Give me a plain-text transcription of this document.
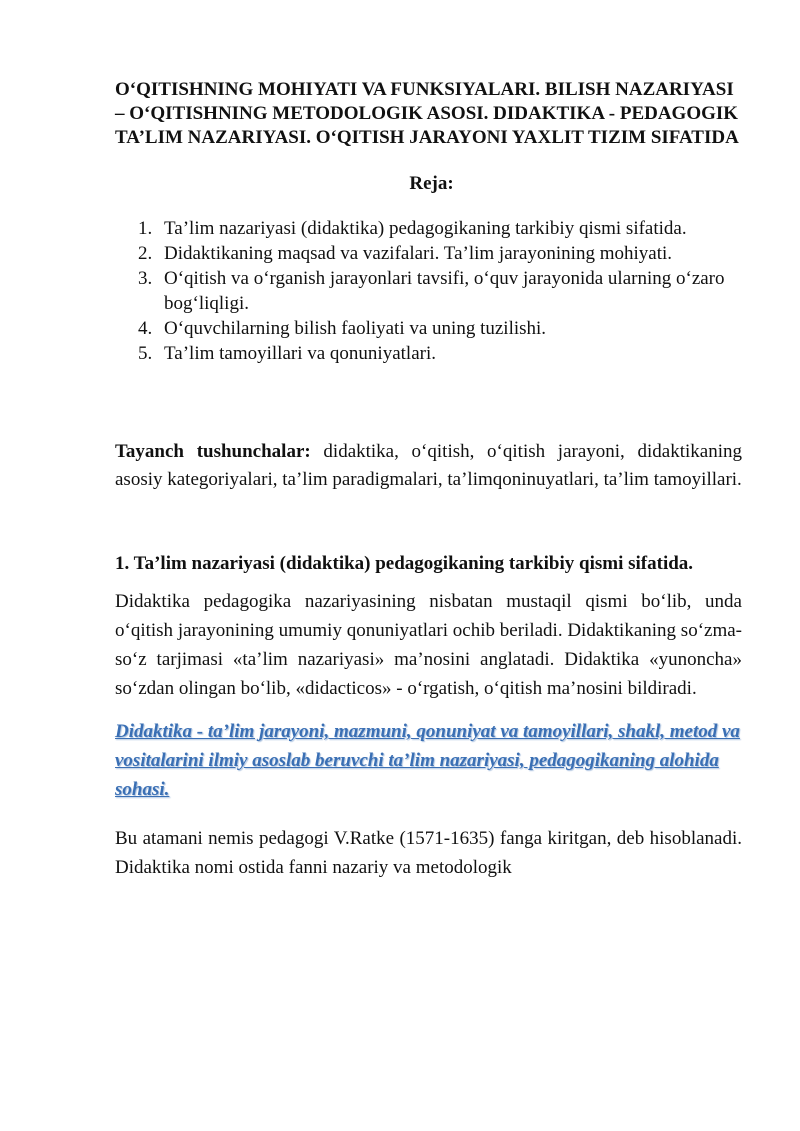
O‘QITISHNING MOHIYATI VA FUNKSIYALARI. BILISH NAZARIYASI – O‘QITISHNING METODOLOGIK ASOSI. DIDAKTIKA - PEDAGOGIK TA’LIM NAZARIYASI. O‘QITISH JARAYONI YAXLIT TIZIM SIFATIDA
Reja:
1. Ta’lim nazariyasi (didaktika) pedagogikaning tarkibiy qismi sifatida.
2. Didaktikaning maqsad va vazifalari. Ta’lim jarayonining mohiyati.
3. O‘qitish va o‘rganish jarayonlari tavsifi, o‘quv jarayonida ularning o‘zaro bog‘liqligi.
4. O‘quvchilarning bilish faoliyati va uning tuzilishi.
5. Ta’lim tamoyillari va qonuniyatlari.

Tayanch tushunchalar: didaktika, o‘qitish, o‘qitish jarayoni, didaktikaning asosiy kategoriyalari, ta’lim paradigmalari, ta’limqoninuyatlari, ta’lim tamoyillari.

1. Ta’lim nazariyasi (didaktika) pedagogikaning tarkibiy qismi sifatida.

Didaktika pedagogika nazariyasining nisbatan mustaqil qismi bo‘lib, unda o‘qitish jarayonining umumiy qonuniyatlari ochib beriladi. Didaktikaning so‘zma-so‘z tarjimasi «ta’lim nazariyasi» ma’nosini anglatadi. Didaktika «yunoncha» so‘zdan olingan bo‘lib, «didacticos» - o‘rgatish, o‘qitish ma’nosini bildiradi.

Didaktika - ta’lim jarayoni, mazmuni, qonuniyat va tamoyillari, shakl, metod va vositalarini ilmiy asoslab beruvchi ta’lim nazariyasi, pedagogikaning alohida sohasi.

Bu atamani nemis pedagogi V.Ratke (1571-1635) fanga kiritgan, deb hisoblanadi. Didaktika nomi ostida fanni nazariy va metodologik
